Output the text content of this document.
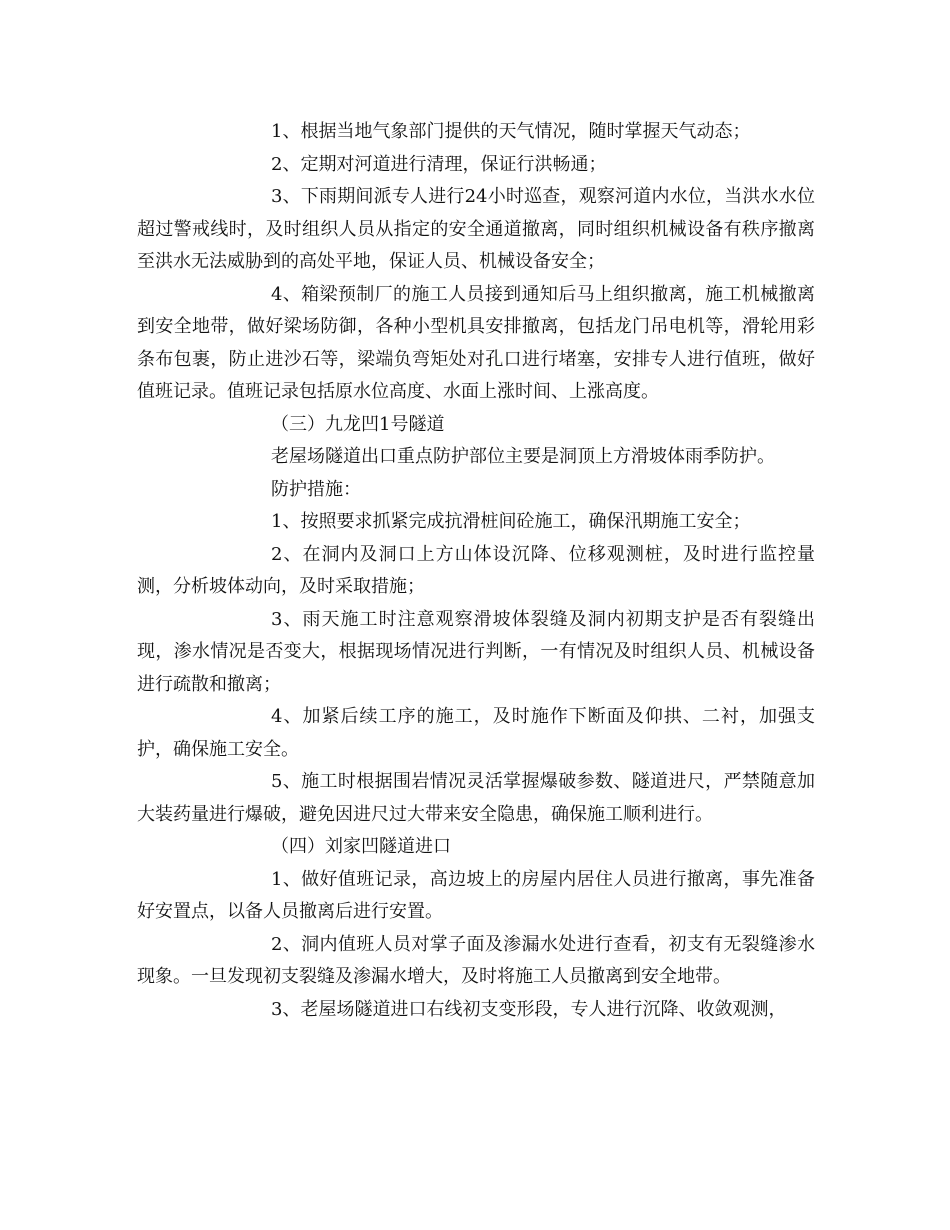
1、根据当地气象部门提供的天气情况，随时掌握天气动态；

2、定期对河道进行清理，保证行洪畅通；

3、下雨期间派专人进行24小时巡查，观察河道内水位，当洪水水位超过警戒线时，及时组织人员从指定的安全通道撤离，同时组织机械设备有秩序撤离至洪水无法威胁到的高处平地，保证人员、机械设备安全；

4、箱梁预制厂的施工人员接到通知后马上组织撤离，施工机械撤离到安全地带，做好梁场防御，各种小型机具安排撤离，包括龙门吊电机等，滑轮用彩条布包裹，防止进沙石等，梁端负弯矩处对孔口进行堵塞，安排专人进行值班，做好值班记录。值班记录包括原水位高度、水面上涨时间、上涨高度。

（三）九龙凹1号隧道

老屋场隧道出口重点防护部位主要是洞顶上方滑坡体雨季防护。

防护措施：

1、按照要求抓紧完成抗滑桩间砼施工，确保汛期施工安全；

2、在洞内及洞口上方山体设沉降、位移观测桩，及时进行监控量测，分析坡体动向，及时采取措施；

3、雨天施工时注意观察滑坡体裂缝及洞内初期支护是否有裂缝出现，渗水情况是否变大，根据现场情况进行判断，一有情况及时组织人员、机械设备进行疏散和撤离；

4、加紧后续工序的施工，及时施作下断面及仰拱、二衬，加强支护，确保施工安全。

5、施工时根据围岩情况灵活掌握爆破参数、隧道进尺，严禁随意加大装药量进行爆破，避免因进尺过大带来安全隐患，确保施工顺利进行。

（四）刘家凹隧道进口

1、做好值班记录，高边坡上的房屋内居住人员进行撤离，事先准备好安置点，以备人员撤离后进行安置。

2、洞内值班人员对掌子面及渗漏水处进行查看，初支有无裂缝渗水现象。一旦发现初支裂缝及渗漏水增大，及时将施工人员撤离到安全地带。

3、老屋场隧道进口右线初支变形段，专人进行沉降、收敛观测，
